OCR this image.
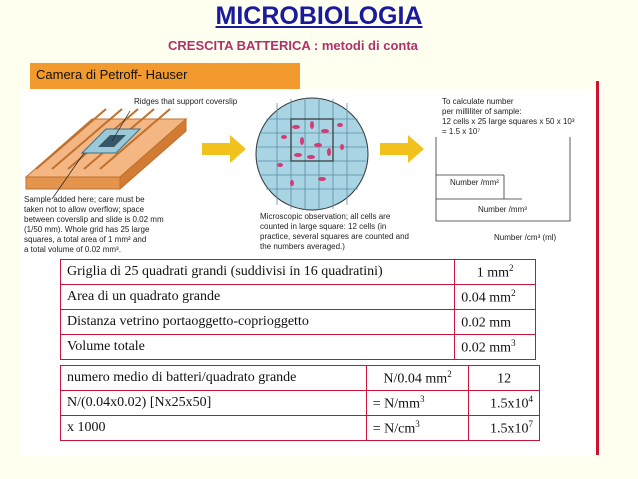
MICROBIOLOGIA
CRESCITA BATTERICA : metodi di conta
Camera di Petroff- Hauser
Ridges that support coverslip
Sample added here; care must be
taken not to allow overflow; space
between coverslip and slide is 0.02 mm
(1/50 mm). Whole grid has 25 large
squares, a total area of 1 mm² and
a total volume of 0.02 mm³.
Microscopic observation; all cells are
counted in large square: 12 cells (in
practice, several squares are counted and
the numbers averaged.)
To calculate number
per milliliter of sample:
12 cells x 25 large squares x 50 x 10³
= 1.5 x 10⁷
Number /mm²
Number /mm³
Number /cm³ (ml)
Griglia di 25 quadrati grandi (suddivisi in 16 quadratini)	1 $mm^2$
Area di un quadrato grande	0.04 $mm^2$
Distanza vetrino portaoggetto-coprioggetto	0.02 mm
Volume totale	0.02 $mm^3$
numero medio di batteri/quadrato grande	N/0.04 $mm^2$	12
N/(0.04x0.02) [Nx25x50]	= $N/mm^3$	$1.5x10^4$
x 1000	= $N/cm^3$	$1.5x10^7$
